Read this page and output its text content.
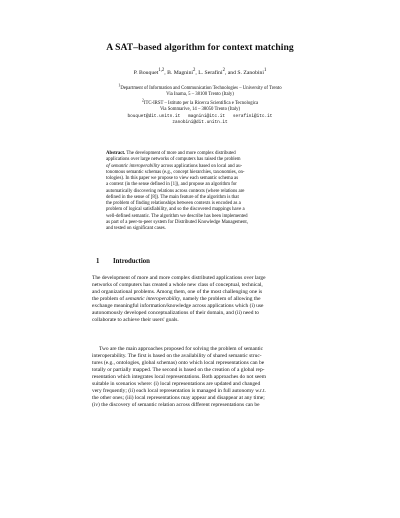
A SAT–based algorithm for context matching
P. Bouquet$^{1,2}$, B. Magnini$^2$, L. Serafini$^2$, and S. Zanobini$^1$
$^1$Department of Information and Communication Technologies – University of Trento
Via Inama, 5 – 38100 Trento (Italy)
$^2$ITC-IRST – Istituto per la Ricerca Scientifica e Tecnologica
Via Sommarive, 14 – 38050 Trento (Italy)
bouquet@dit.unitn.it   magnini@itc.it   serafini@itc.it
zanobini@dit.unitn.it
Abstract. The development of more and more complex distributed
applications over large networks of computers has raised the problem
of semantic interoperability across applications based on local and au-
tonomous semantic schemas (e.g., concept hierarchies, taxonomies, on-
tologies). In this paper we propose to view each semantic schema as
a context (in the sense defined in [1]), and propose an algorithm for
automatically discovering relations across contexts (where relations are
defined in the sense of [8]). The main feature of the algorithm is that
the problem of finding relationships between contexts is encoded as a
problem of logical satisfiability, and so the discovered mappings have a
well-defined semantic. The algorithm we describe has been implemented
as part of a peer-to-peer system for Distributed Knowledge Management,
and tested on significant cases.
1 Introduction
The development of more and more complex distributed applications over large
networks of computers has created a whole new class of conceptual, technical,
and organizational problems. Among them, one of the most challenging one is
the problem of semantic interoperability, namely the problem of allowing the
exchange meaningful information/knowledge across applications which (i) use
autonomously developed conceptualizations of their domain, and (ii) need to
collaborate to achieve their users' goals.
Two are the main approaches proposed for solving the problem of semantic
interoperability. The first is based on the availability of shared semantic struc-
tures (e.g., ontologies, global schemas) onto which local representations can be
totally or partially mapped. The second is based on the creation of a global rep-
resentation which integrates local representations. Both approaches do not seem
suitable in scenarios where: (i) local representations are updated and changed
very frequently; (ii) each local representation is managed in full autonomy w.r.t.
the other ones; (iii) local representations may appear and disappear at any time;
(iv) the discovery of semantic relation across different representations can be
